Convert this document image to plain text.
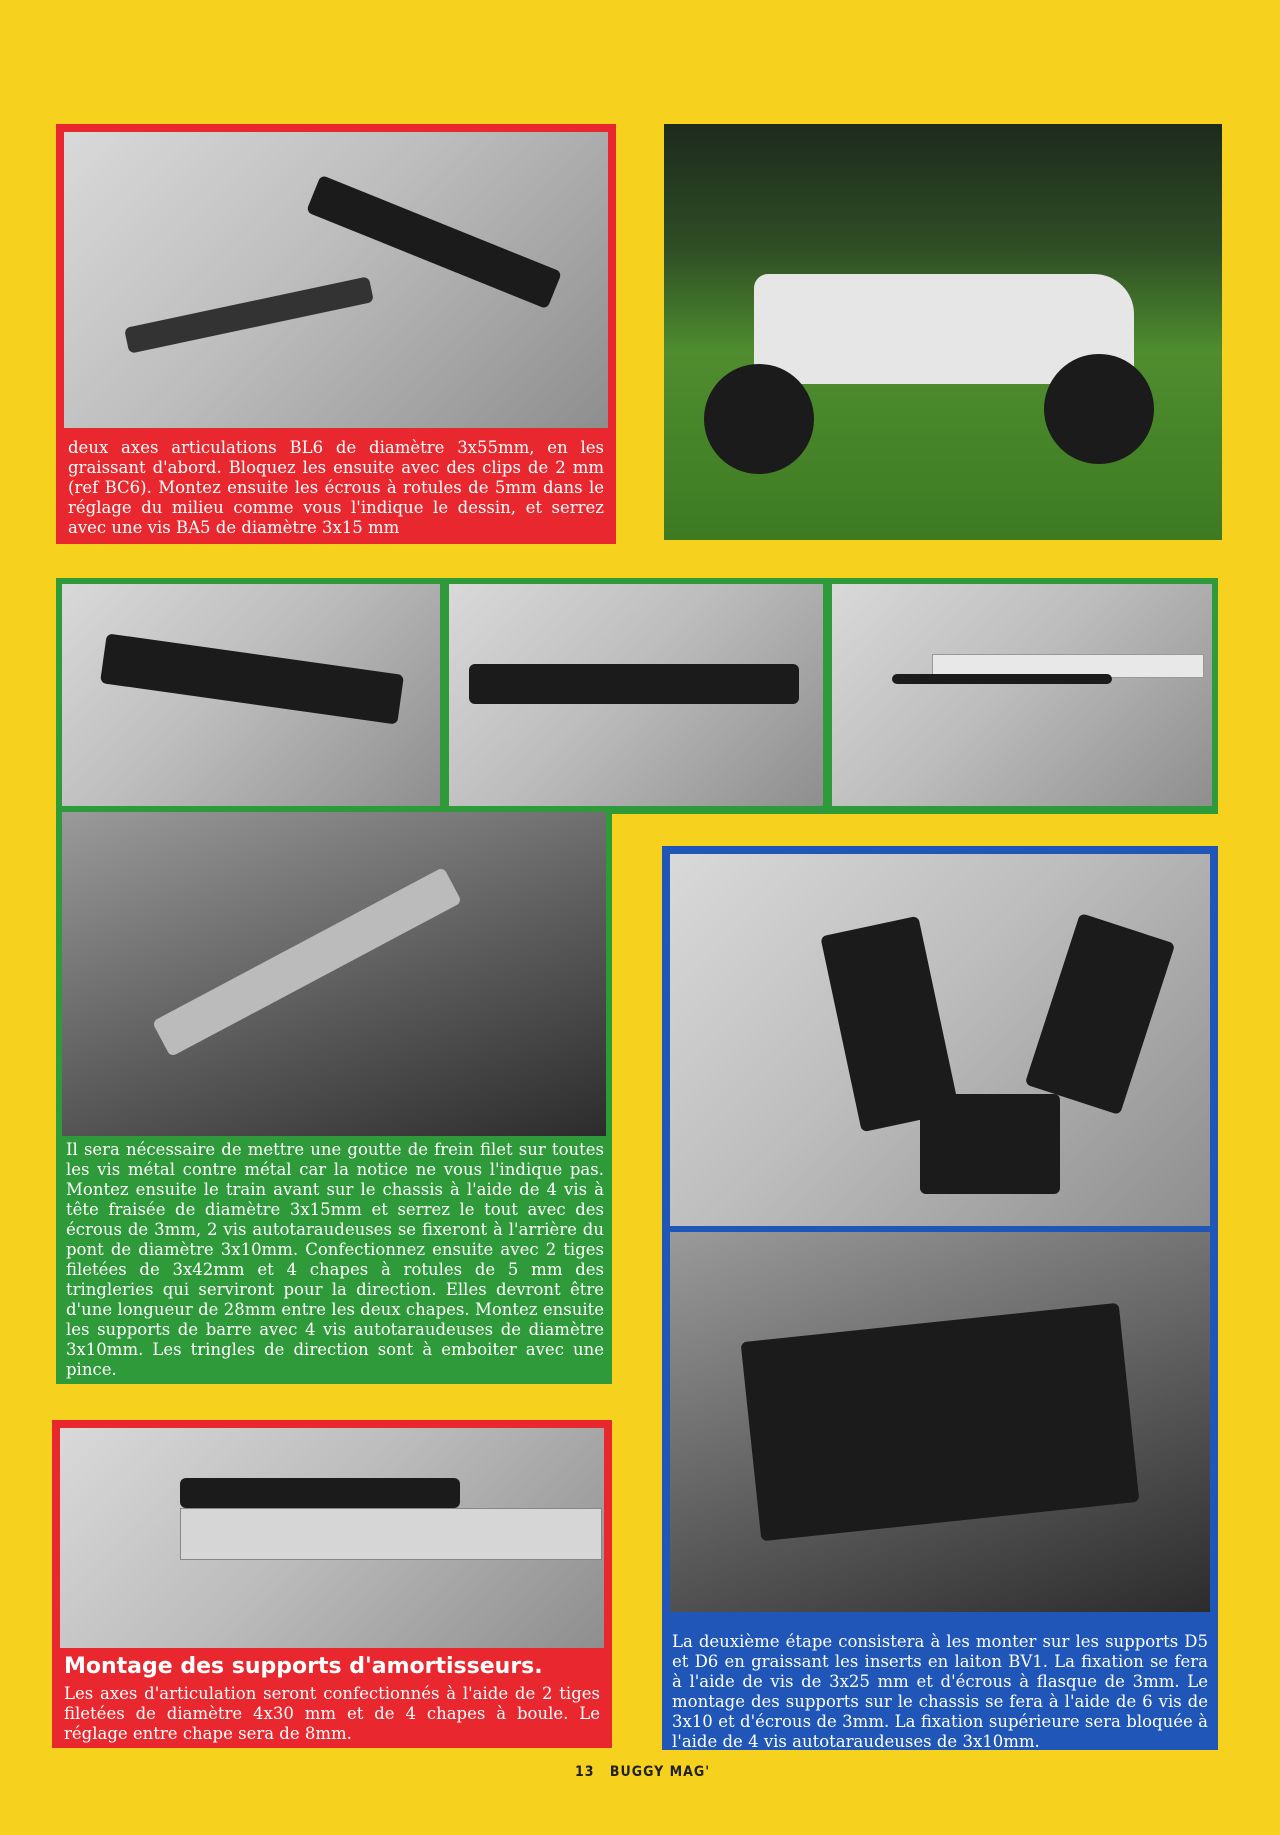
deux axes articulations BL6 de diamètre 3x55mm, en les graissant d'abord. Bloquez les ensuite avec des clips de 2 mm (ref BC6). Montez ensuite les écrous à rotules de 5mm dans le réglage du milieu comme vous l'indique le dessin, et serrez avec une vis BA5 de diamètre 3x15 mm
Il sera nécessaire de mettre une goutte de frein filet sur toutes les vis métal contre métal car la notice ne vous l'indique pas. Montez ensuite le train avant sur le chassis à l'aide de 4 vis à tête fraisée de diamètre 3x15mm et serrez le tout avec des écrous de 3mm, 2 vis autotaraudeuses se fixeront à l'arrière du pont de diamètre 3x10mm. Confectionnez ensuite avec 2 tiges filetées de 3x42mm et 4 chapes à rotules de 5 mm des tringleries qui serviront pour la direction. Elles devront être d'une longueur de 28mm entre les deux chapes. Montez ensuite les supports de barre avec 4 vis autotaraudeuses de diamètre 3x10mm. Les tringles de direction sont à emboiter avec une pince.
Montage des supports d'amortisseurs.
Les axes d'articulation seront confectionnés à l'aide de 2 tiges filetées de diamètre 4x30 mm et de 4 chapes à boule. Le réglage entre chape sera de 8mm.
La deuxième étape consistera à les monter sur les supports D5 et D6 en graissant les inserts en laiton BV1. La fixation se fera à l'aide de vis de 3x25 mm et d'écrous à flasque de 3mm. Le montage des supports sur le chassis se fera à l'aide de 6 vis de 3x10 et d'écrous de 3mm. La fixation supérieure sera bloquée à l'aide de 4 vis autotaraudeuses de 3x10mm.
13 BUGGY MAG'
